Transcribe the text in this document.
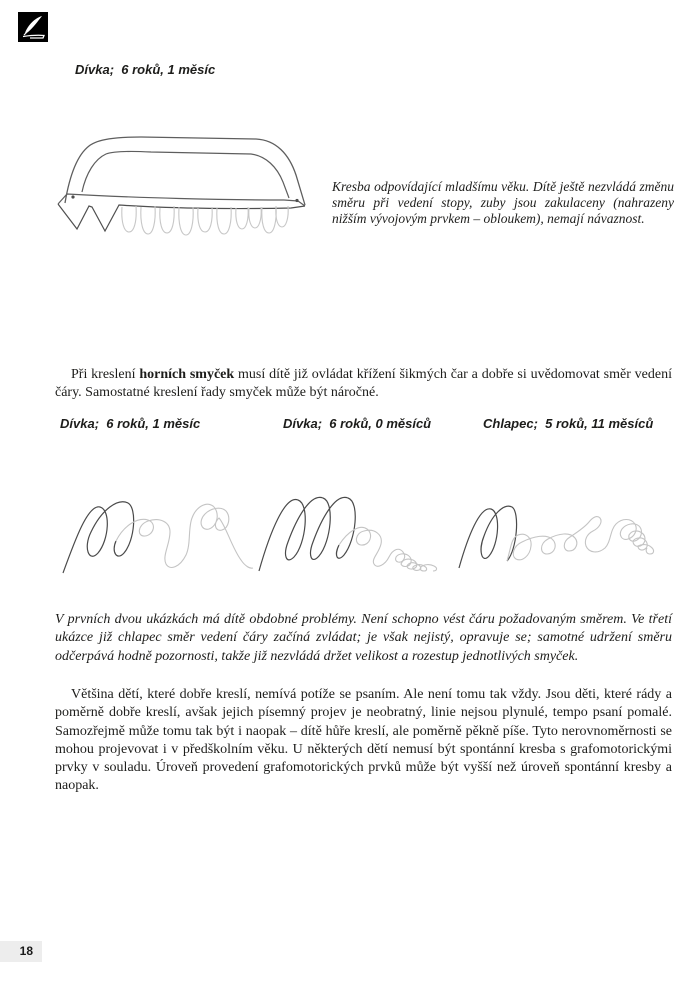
Dívka;  6 roků, 1 měsíc
Kresba odpovídající mladšímu věku. Dítě ještě nezvládá změnu směru při vedení stopy, zuby jsou zakulaceny (nahrazeny nižším vývojovým prvkem – obloukem), nemají návaznost.

Při kreslení horních smyček musí dítě již ovládat křížení šikmých čar a dobře si uvědomovat směr vedení čáry. Samostatné kreslení řady smyček může být náročné.

Dívka;  6 roků, 1 měsíc	Dívka;  6 roků, 0 měsíců	Chlapec;  5 roků, 11 měsíců

V prvních dvou ukázkách má dítě obdobné problémy. Není schopno vést čáru požadovaným směrem. Ve třetí ukázce již chlapec směr vedení čáry začíná zvládat; je však nejistý, opravuje se; samotné udržení směru odčerpává hodně pozornosti, takže již nezvládá držet velikost a rozestup jednotlivých smyček.

Většina dětí, které dobře kreslí, nemívá potíže se psaním. Ale není tomu tak vždy. Jsou děti, které rády a poměrně dobře kreslí, avšak jejich písemný projev je neobratný, linie nejsou plynulé, tempo psaní pomalé. Samozřejmě může tomu tak být i naopak – dítě hůře kreslí, ale poměrně pěkně píše. Tyto nerovnoměrnosti se mohou projevovat i v předškolním věku. U některých dětí nemusí být spontánní kresba s grafomotorickými prvky v souladu. Úroveň provedení grafomotorických prvků může být vyšší než úroveň spontánní kresby a naopak.

18
